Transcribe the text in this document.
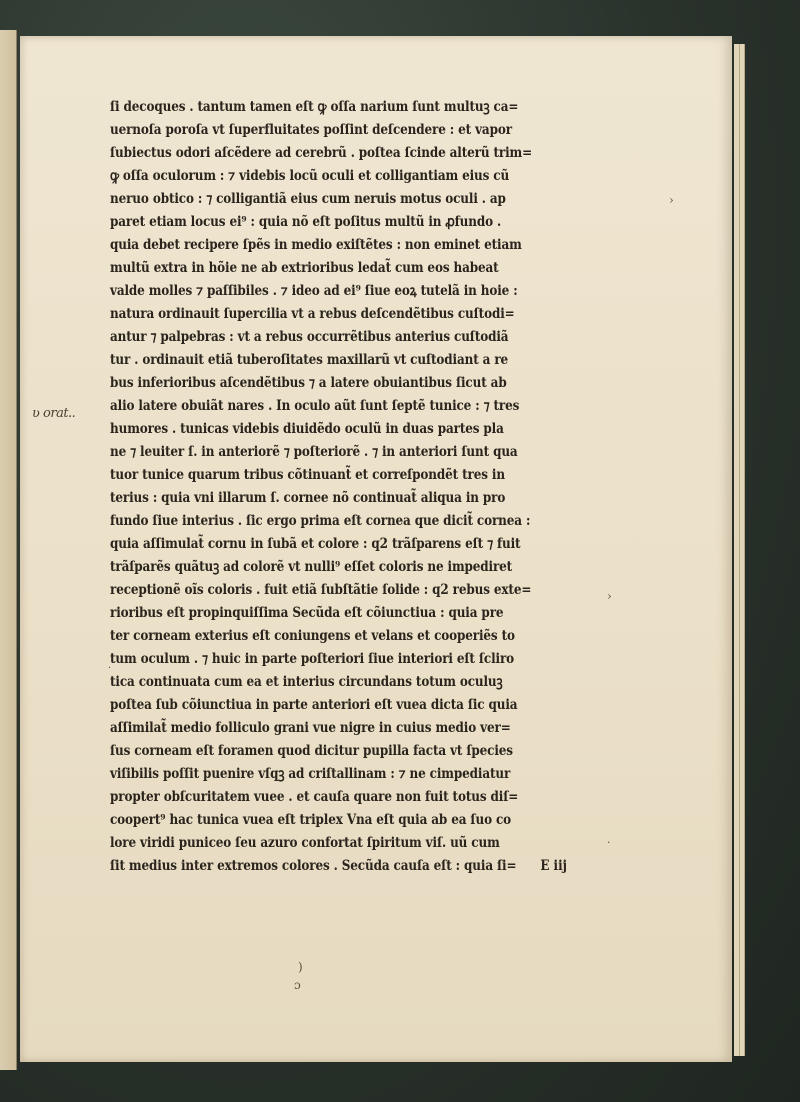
ʋ orat..
ſi decoques . tantum tamen eſt ꝙ oſſa narium ſunt multuꝫ ca=
uernoſa poroſa vt ſuperfluitates poſſint deſcendere : et vapor
ſubiectus odori aſcẽdere ad cerebrũ . poſtea ſcinde alterũ trim=
ꝙ oſſa oculorum : ⁊ videbis locũ oculi et colligantiam eius cũ
neruo obtico : ⁊ colligantiã eius cum neruis motus oculi . ap
paret etiam locus ei⁹ : quia nõ eſt poſitus multũ in ꝓfundo .
quia debet recipere ſpẽs in medio exiſtẽtes : non eminet etiam
multũ extra in hõie ne ab extrioribus ledat̃ cum eos habeat
valde molles ⁊ paſſibiles . ⁊ ideo ad ei⁹ ſiue eoꝝ tutelã in hoie :
natura ordinauit ſupercilia vt a rebus deſcendẽtibus cuſtodi=
antur ⁊ palpebras : vt a rebus occurrẽtibus anterius cuſtodiã
tur . ordinauit etiã tuberoſitates maxillarũ vt cuſtodiant a re
bus inferioribus aſcendẽtibus ⁊ a latere obuiantibus ſicut ab
alio latere obuiãt nares . In oculo aũt ſunt ſeptẽ tunice : ⁊ tres
humores . tunicas videbis diuidẽdo oculũ in duas partes pla
ne ⁊ leuiter ſ. in anteriorẽ ⁊ poſteriorẽ . ⁊ in anteriori ſunt qua
tuor tunice quarum tribus cõtinuant̃ et correſpondẽt tres in
terius : quia vni illarum ſ. cornee nõ continuat̃ aliqua in pro
fundo ſiue interius . ſic ergo prima eſt cornea que dicit̃ cornea :
quia aſſimulat̃ cornu in ſubã et colore : q2 trãſparens eſt ⁊ fuit
trãſparẽs quãtuꝫ ad colorẽ vt nulli⁹ eſſet coloris ne impediret
receptionẽ oĩs coloris . fuit etiã ſubſtãtie ſolide : q2 rebus exte=
rioribus eſt propinquiſſima Secũda eſt cõiunctiua : quia pre
ter corneam exterius eſt coniungens et velans et cooperiẽs to
tum oculum . ⁊ huic in parte poſteriori ſiue interiori eſt ſcliro
tica continuata cum ea et interius circundans totum oculuꝫ
poſtea ſub cõiunctiua in parte anteriori eſt vuea dicta ſic quia
aſſimilat̃ medio folliculo grani vue nigre in cuius medio ver=
ſus corneam eſt foramen quod dicitur pupilla facta vt ſpecies
viſibilis poſſit puenire vſqꝫ ad criſtallinam : ⁊ ne cimpediatur
propter obſcuritatem vuee . et cauſa quare non fuit totus diſ=
coopert⁹ hac tunica vuea eſt triplex Vna eſt quia ab ea ſuo co
lore viridi puniceo ſeu azuro confortat ſpiritum viſ. uũ cum
ſit medius inter extremos colores . Secũda cauſa eſt : quia ſi=	E iij
›
›
·
·
)
ɔ
